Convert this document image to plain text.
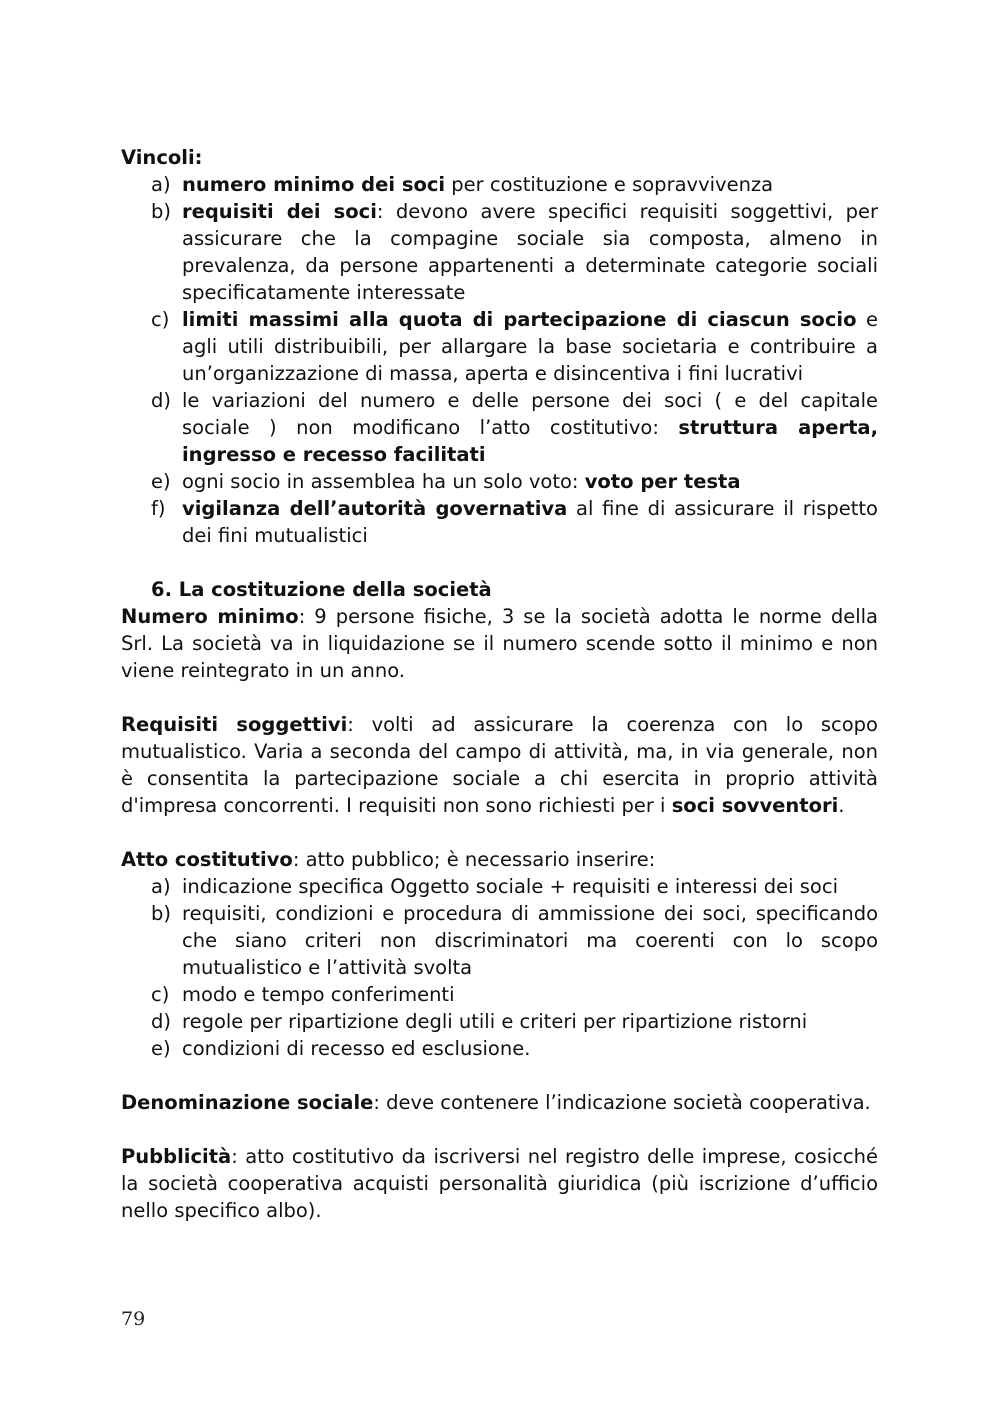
Vincoli:

a) numero minimo dei soci per costituzione e sopravvivenza
b) requisiti dei soci: devono avere specifici requisiti soggettivi, per assicurare che la compagine sociale sia composta, almeno in prevalenza, da persone appartenenti a determinate categorie sociali specificatamente interessate
c) limiti massimi alla quota di partecipazione di ciascun socio e agli utili distribuibili, per allargare la base societaria e contribuire a un’organizzazione di massa, aperta e disincentiva i fini lucrativi
d) le variazioni del numero e delle persone dei soci ( e del capitale sociale ) non modificano l’atto costitutivo: struttura aperta, ingresso e recesso facilitati
e) ogni socio in assemblea ha un solo voto: voto per testa
f) vigilanza dell’autorità governativa al fine di assicurare il rispetto dei fini mutualistici

6. La costituzione della società

Numero minimo: 9 persone fisiche, 3 se la società adotta le norme della Srl. La società va in liquidazione se il numero scende sotto il minimo e non viene reintegrato in un anno.

Requisiti soggettivi: volti ad assicurare la coerenza con lo scopo mutualistico. Varia a seconda del campo di attività, ma, in via generale, non è consentita la partecipazione sociale a chi esercita in proprio attività d'impresa concorrenti. I requisiti non sono richiesti per i soci sovventori.

Atto costitutivo: atto pubblico; è necessario inserire:

a) indicazione specifica Oggetto sociale + requisiti e interessi dei soci
b) requisiti, condizioni e procedura di ammissione dei soci, specificando che siano criteri non discriminatori ma coerenti con lo scopo mutualistico e l’attività svolta
c) modo e tempo conferimenti
d) regole per ripartizione degli utili e criteri per ripartizione ristorni
e) condizioni di recesso ed esclusione.

Denominazione sociale: deve contenere l’indicazione società cooperativa.

Pubblicità: atto costitutivo da iscriversi nel registro delle imprese, cosicché la società cooperativa acquisti personalità giuridica (più iscrizione d’ufficio nello specifico albo).

79
